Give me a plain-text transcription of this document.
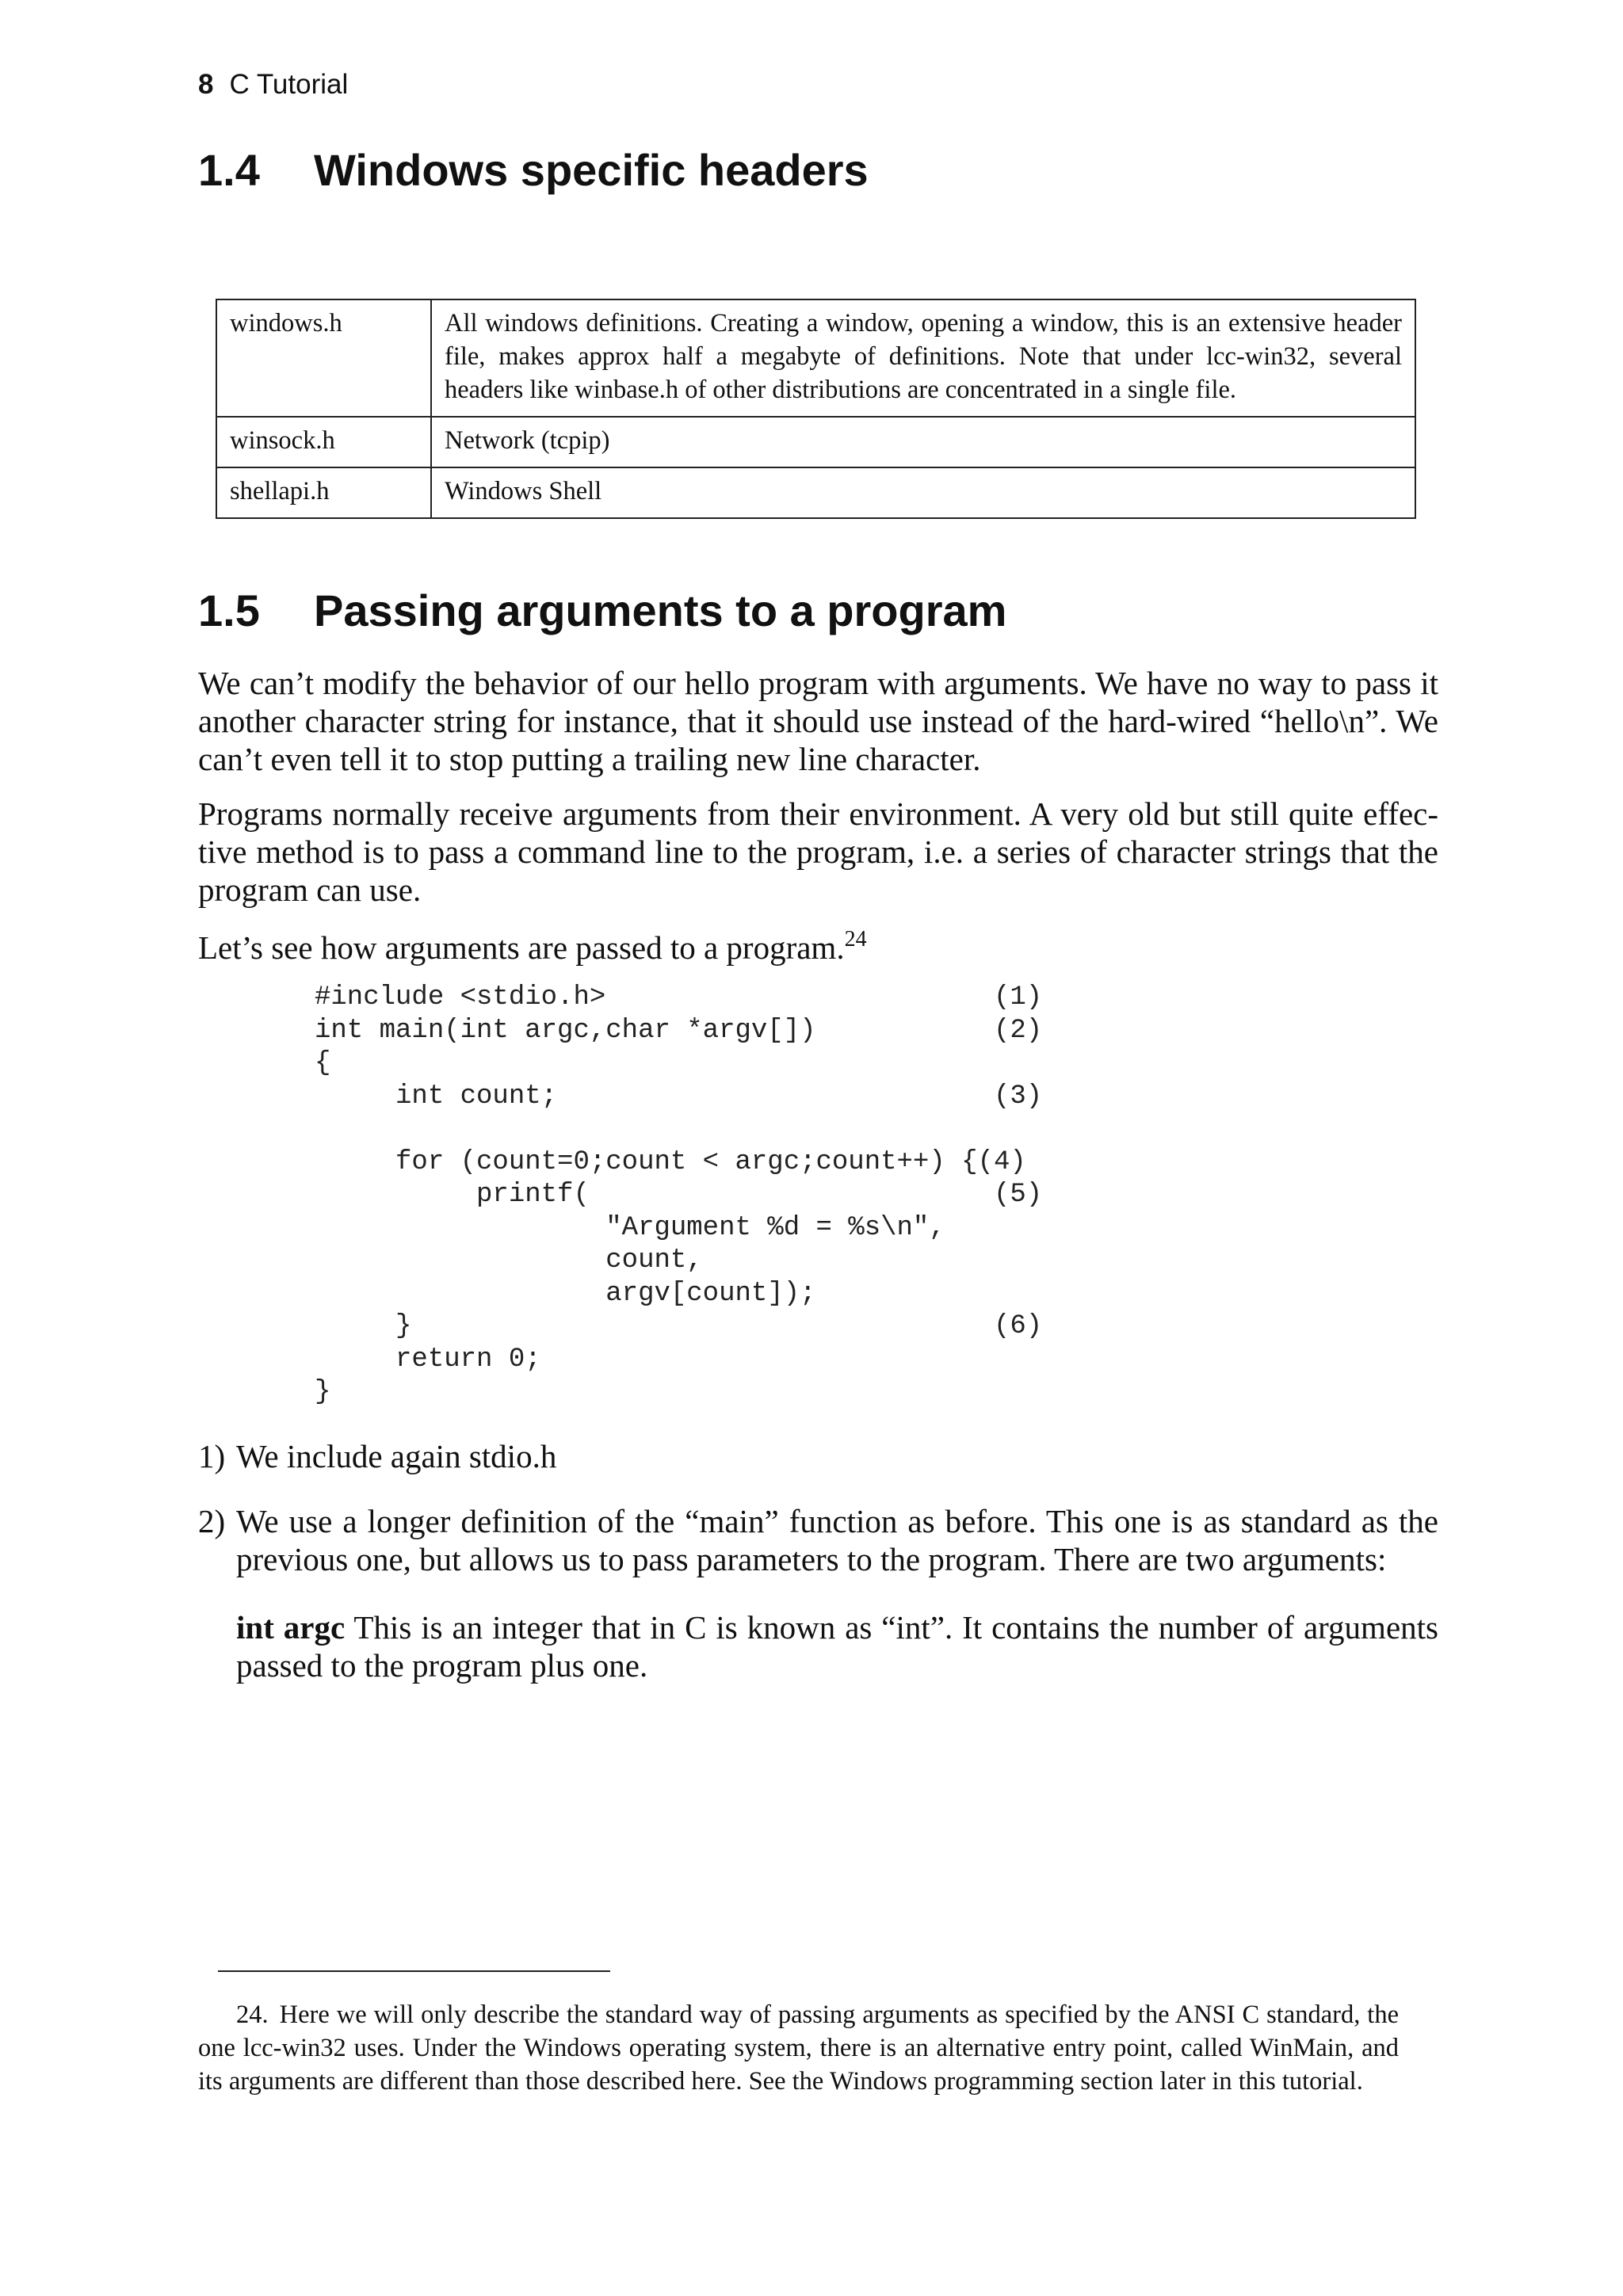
8 C Tutorial
1.4 Windows specific headers
windows.h	All windows definitions. Creating a window, opening a window, this is an extensive header file, makes approx half a megabyte of definitions. Note that under lcc-win32, several headers like winbase.h of other distributions are concentrated in a single file.
winsock.h	Network (tcpip)
shellapi.h	Windows Shell
1.5 Passing arguments to a program

We can’t modify the behavior of our hello program with arguments. We have no way to pass it another character string for instance, that it should use instead of the hard-wired “hello\n”. We can’t even tell it to stop putting a trailing new line character.

Programs normally receive arguments from their environment. A very old but still quite effec-tive method is to pass a command line to the program, i.e. a series of character strings that the program can use.

Let’s see how arguments are passed to a program.$^{24}$

#include <stdio.h>                        (1)
int main(int argc,char *argv[])           (2)
{
int count;                           (3)

for (count=0;count < argc;count++) {(4)
printf(                         (5)
"Argument %d = %s\n",
count,
argv[count]);
}                                    (6)
return 0;
}
1) We include again stdio.h
2) We use a longer definition of the “main” function as before. This one is as standard as the previous one, but allows us to pass parameters to the program. There are two arguments:
int argc This is an integer that in C is known as “int”. It contains the number of arguments passed to the program plus one.

24. Here we will only describe the standard way of passing arguments as specified by the ANSI C standard, the one lcc-win32 uses. Under the Windows operating system, there is an alternative entry point, called WinMain, and its arguments are different than those described here. See the Windows programming section later in this tutorial.
